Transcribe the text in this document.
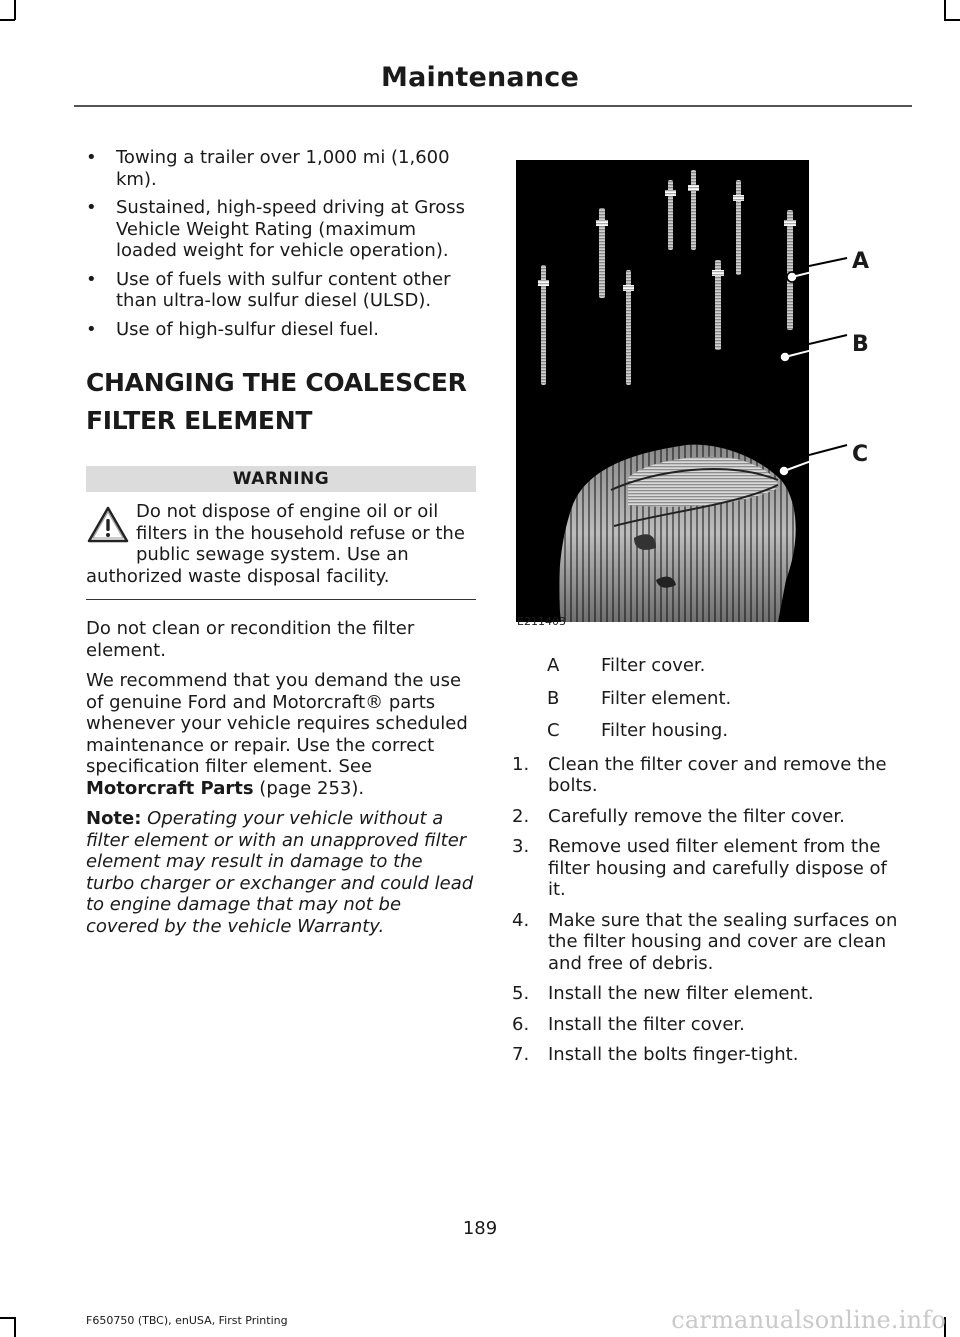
Maintenance
• Towing a trailer over 1,000 mi (1,600 km).
• Sustained, high-speed driving at Gross Vehicle Weight Rating (maximum loaded weight for vehicle operation).
• Use of fuels with sulfur content other than ultra-low sulfur diesel (ULSD).
• Use of high-sulfur diesel fuel.
CHANGING THE COALESCER
FILTER ELEMENT
WARNING
Do not dispose of engine oil or oil filters in the household refuse or the public sewage system. Use an authorized waste disposal facility.

Do not clean or recondition the filter element.

We recommend that you demand the use of genuine Ford and Motorcraft® parts whenever your vehicle requires scheduled maintenance or repair. Use the correct specification filter element. See Motorcraft Parts (page 253).

Note: Operating your vehicle without a filter element or with an unapproved filter element may result in damage to the turbo charger or exchanger and could lead to engine damage that may not be covered by the vehicle Warranty.

A
B
C
E211403
A	Filter cover.
B	Filter element.
C	Filter housing.
1. Clean the filter cover and remove the bolts.
2. Carefully remove the filter cover.
3. Remove used filter element from the filter housing and carefully dispose of it.
4. Make sure that the sealing surfaces on the filter housing and cover are clean and free of debris.
5. Install the new filter element.
6. Install the filter cover.
7. Install the bolts finger-tight.
189
F650750 (TBC), enUSA, First Printing	carmanualsonline.info
